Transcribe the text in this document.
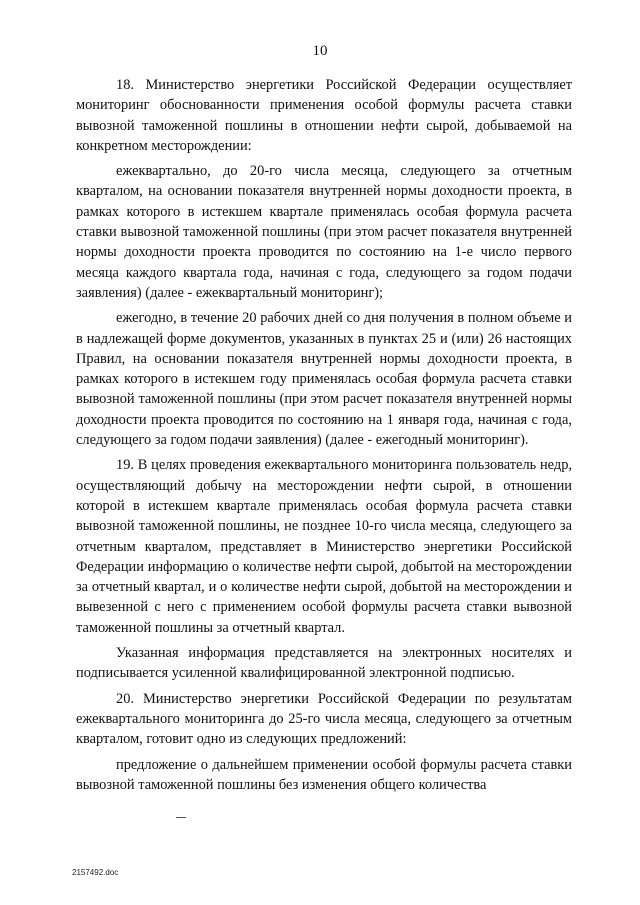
10

18. Министерство энергетики Российской Федерации осуществляет мониторинг обоснованности применения особой формулы расчета ставки вывозной таможенной пошлины в отношении нефти сырой, добываемой на конкретном месторождении:

ежеквартально, до 20-го числа месяца, следующего за отчетным кварталом, на основании показателя внутренней нормы доходности проекта, в рамках которого в истекшем квартале применялась особая формула расчета ставки вывозной таможенной пошлины (при этом расчет показателя внутренней нормы доходности проекта проводится по состоянию на 1-е число первого месяца каждого квартала года, начиная с года, следующего за годом подачи заявления) (далее - ежеквартальный мониторинг);

ежегодно, в течение 20 рабочих дней со дня получения в полном объеме и в надлежащей форме документов, указанных в пунктах 25 и (или) 26 настоящих Правил, на основании показателя внутренней нормы доходности проекта, в рамках которого в истекшем году применялась особая формула расчета ставки вывозной таможенной пошлины (при этом расчет показателя внутренней нормы доходности проекта проводится по состоянию на 1 января года, начиная с года, следующего за годом подачи заявления) (далее - ежегодный мониторинг).

19. В целях проведения ежеквартального мониторинга пользователь недр, осуществляющий добычу на месторождении нефти сырой, в отношении которой в истекшем квартале применялась особая формула расчета ставки вывозной таможенной пошлины, не позднее 10-го числа месяца, следующего за отчетным кварталом, представляет в Министерство энергетики Российской Федерации информацию о количестве нефти сырой, добытой на месторождении за отчетный квартал, и о количестве нефти сырой, добытой на месторождении и вывезенной с него с применением особой формулы расчета ставки вывозной таможенной пошлины за отчетный квартал.

Указанная информация представляется на электронных носителях и подписывается усиленной квалифицированной электронной подписью.

20. Министерство энергетики Российской Федерации по результатам ежеквартального мониторинга до 25-го числа месяца, следующего за отчетным кварталом, готовит одно из следующих предложений:

предложение о дальнейшем применении особой формулы расчета ставки вывозной таможенной пошлины без изменения общего количества

2157492.doc
